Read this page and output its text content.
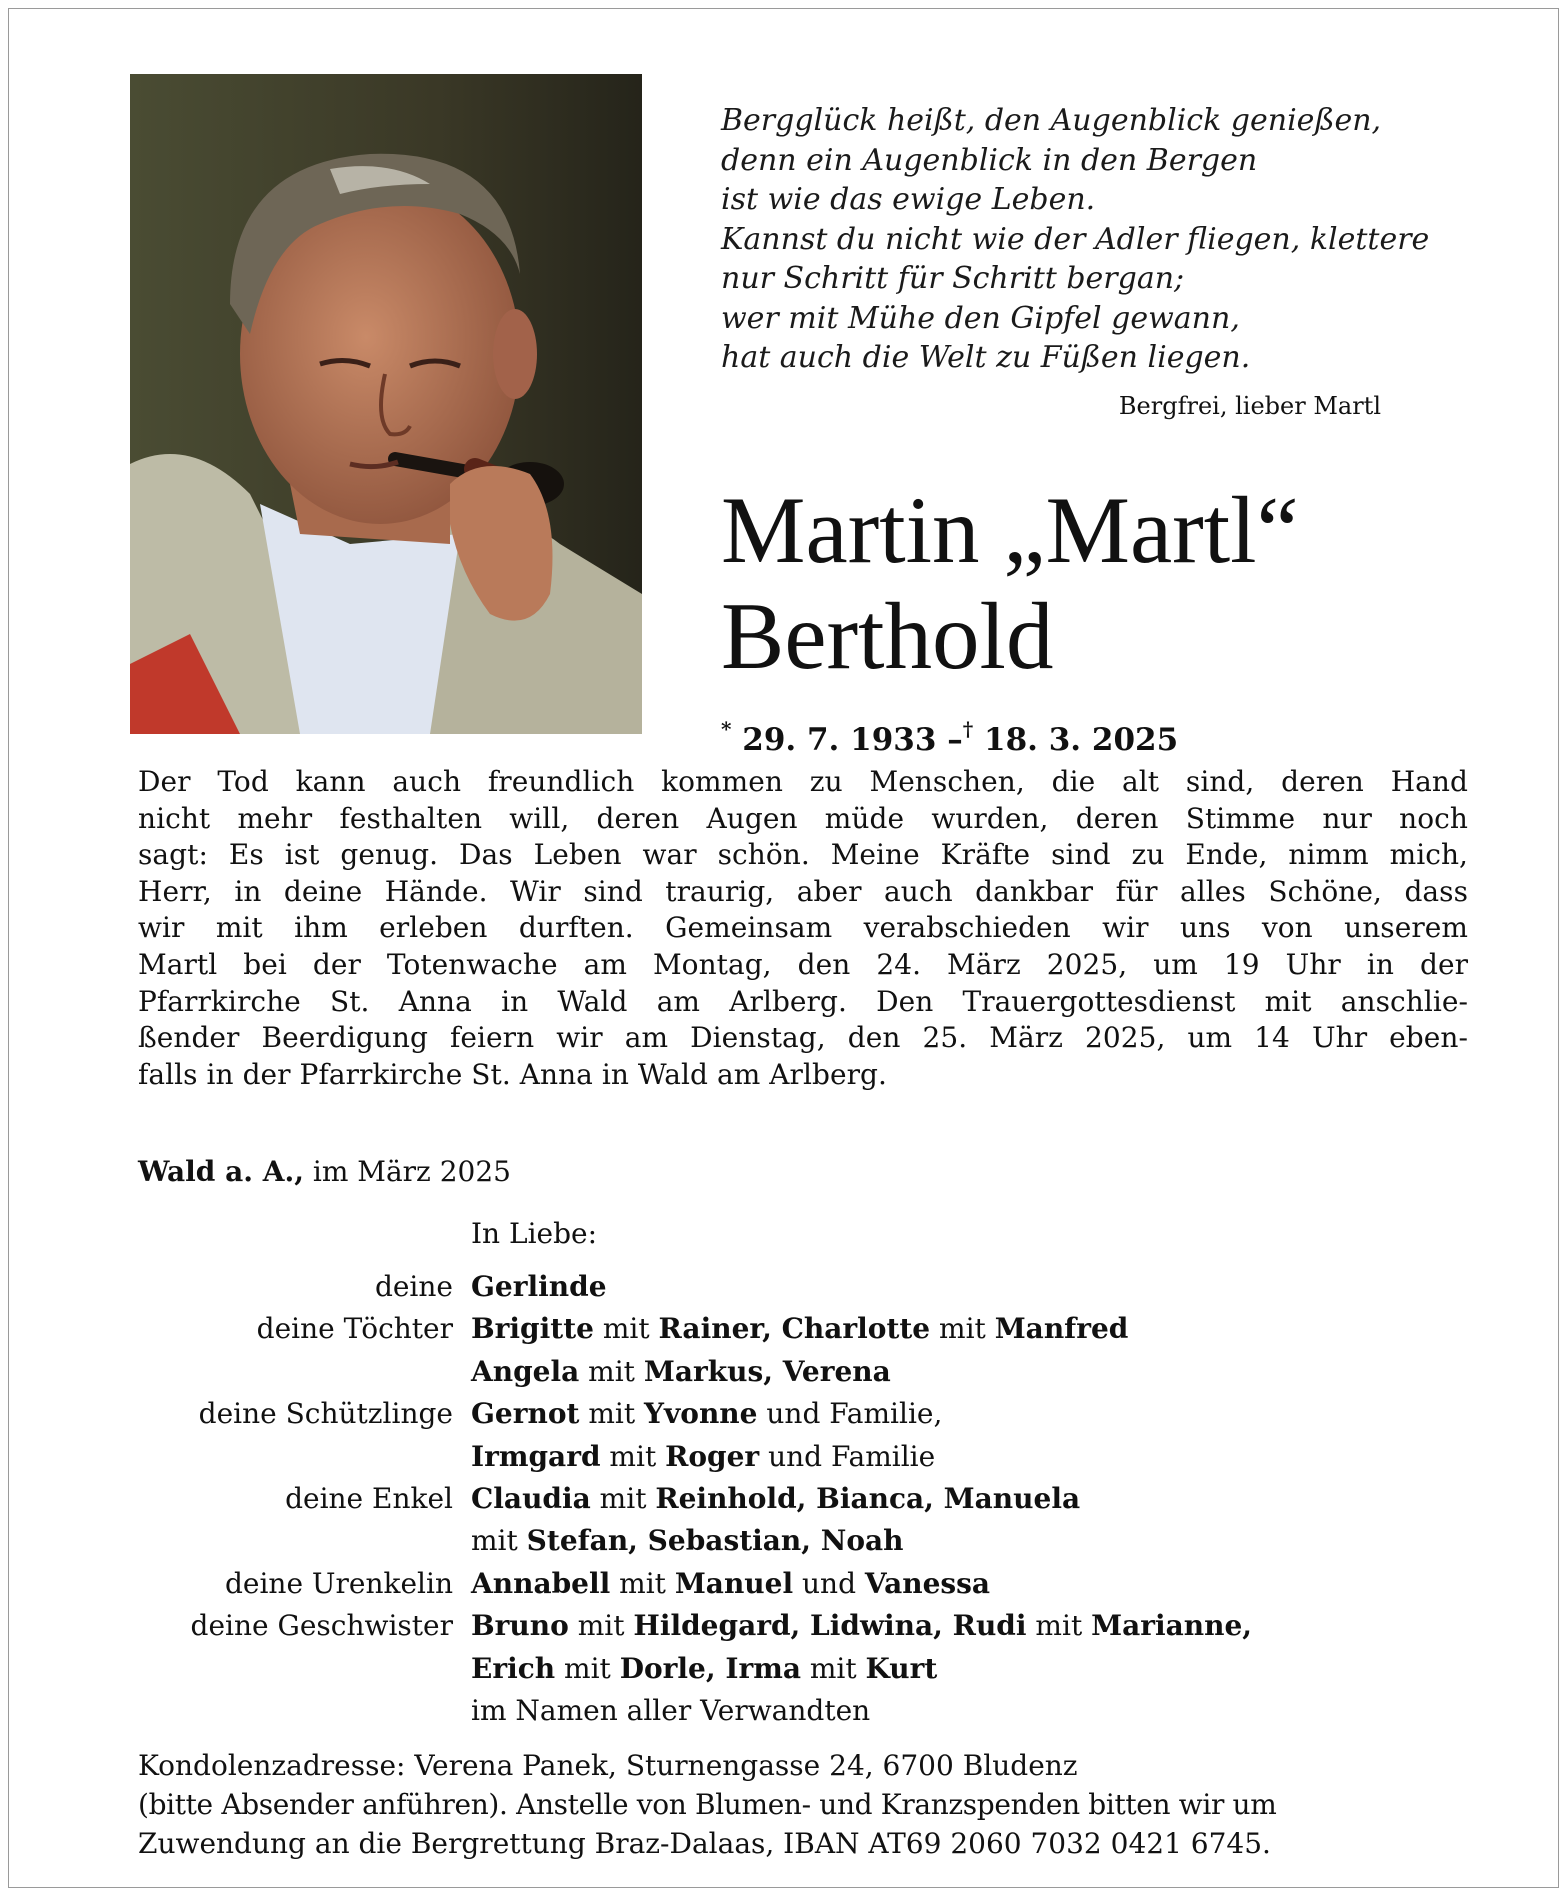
Bergglück heißt, den Augenblick genießen,
denn ein Augenblick in den Bergen
ist wie das ewige Leben.
Kannst du nicht wie der Adler fliegen, klettere
nur Schritt für Schritt bergan;
wer mit Mühe den Gipfel gewann,
hat auch die Welt zu Füßen liegen.
Bergfrei, lieber Martl
Martin „Martl“
Berthold
* 29. 7. 1933 –† 18. 3. 2025
Der Tod kann auch freundlich kommen zu Menschen, die alt sind, deren Hand
nicht mehr festhalten will, deren Augen müde wurden, deren Stimme nur noch
sagt: Es ist genug. Das Leben war schön. Meine Kräfte sind zu Ende, nimm mich,
Herr, in deine Hände. Wir sind traurig, aber auch dankbar für alles Schöne, dass
wir mit ihm erleben durften. Gemeinsam verabschieden wir uns von unserem
Martl bei der Totenwache am Montag, den 24. März 2025, um 19 Uhr in der
Pfarrkirche St. Anna in Wald am Arlberg. Den Trauergottesdienst mit anschlie-
ßender Beerdigung feiern wir am Dienstag, den 25. März 2025, um 14 Uhr eben-
falls in der Pfarrkirche St. Anna in Wald am Arlberg.
Wald a. A., im März 2025
In Liebe:
deine Gerlinde
deine Töchter Brigitte mit Rainer, Charlotte mit Manfred
Angela mit Markus, Verena
deine Schützlinge Gernot mit Yvonne und Familie,
Irmgard mit Roger und Familie
deine Enkel Claudia mit Reinhold, Bianca, Manuela
mit Stefan, Sebastian, Noah
deine Urenkelin Annabell mit Manuel und Vanessa
deine Geschwister Bruno mit Hildegard, Lidwina, Rudi mit Marianne,
Erich mit Dorle, Irma mit Kurt
im Namen aller Verwandten
Kondolenzadresse: Verena Panek, Sturnengasse 24, 6700 Bludenz
(bitte Absender anführen). Anstelle von Blumen- und Kranzspenden bitten wir um
Zuwendung an die Bergrettung Braz-Dalaas, IBAN AT69 2060 7032 0421 6745.
